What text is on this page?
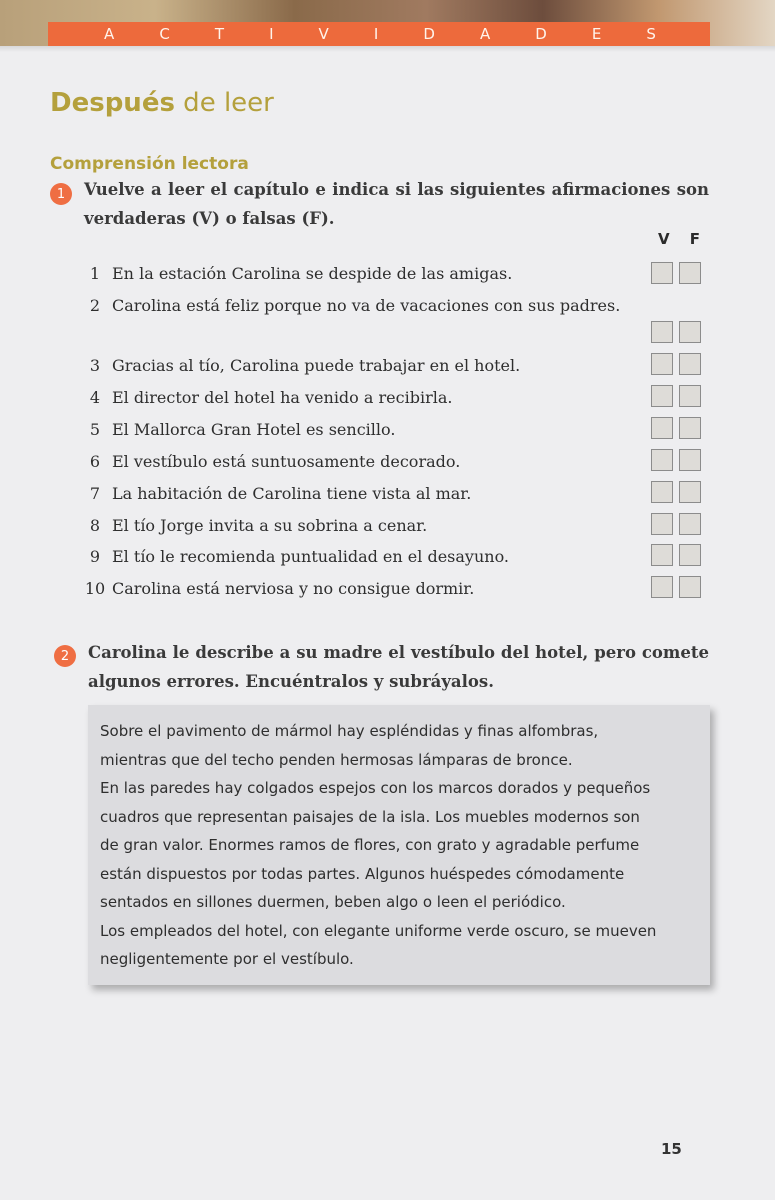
A	C	T	I	V	I	D	A	D	E	S
Después de leer
Comprensión lectora
1	Vuelve a leer el capítulo e indica si las siguientes afirmaciones son verdaderas (V) o falsas (F).

V F
1 En la estación Carolina se despide de las amigas.
2 Carolina está feliz porque no va de vacaciones con sus padres.
3 Gracias al tío, Carolina puede trabajar en el hotel.
4 El director del hotel ha venido a recibirla.
5 El Mallorca Gran Hotel es sencillo.
6 El vestíbulo está suntuosamente decorado.
7 La habitación de Carolina tiene vista al mar.
8 El tío Jorge invita a su sobrina a cenar.
9 El tío le recomienda puntualidad en el desayuno.
10 Carolina está nerviosa y no consigue dormir.
2	Carolina le describe a su madre el vestíbulo del hotel, pero comete algunos errores. Encuéntralos y subráyalos.

Sobre el pavimento de mármol hay espléndidas y finas alfombras,

mientras que del techo penden hermosas lámparas de bronce.

En las paredes hay colgados espejos con los marcos dorados y pequeños

cuadros que representan paisajes de la isla. Los muebles modernos son

de gran valor. Enormes ramos de flores, con grato y agradable perfume

están dispuestos por todas partes. Algunos huéspedes cómodamente

sentados en sillones duermen, beben algo o leen el periódico.

Los empleados del hotel, con elegante uniforme verde oscuro, se mueven

negligentemente por el vestíbulo.

15
